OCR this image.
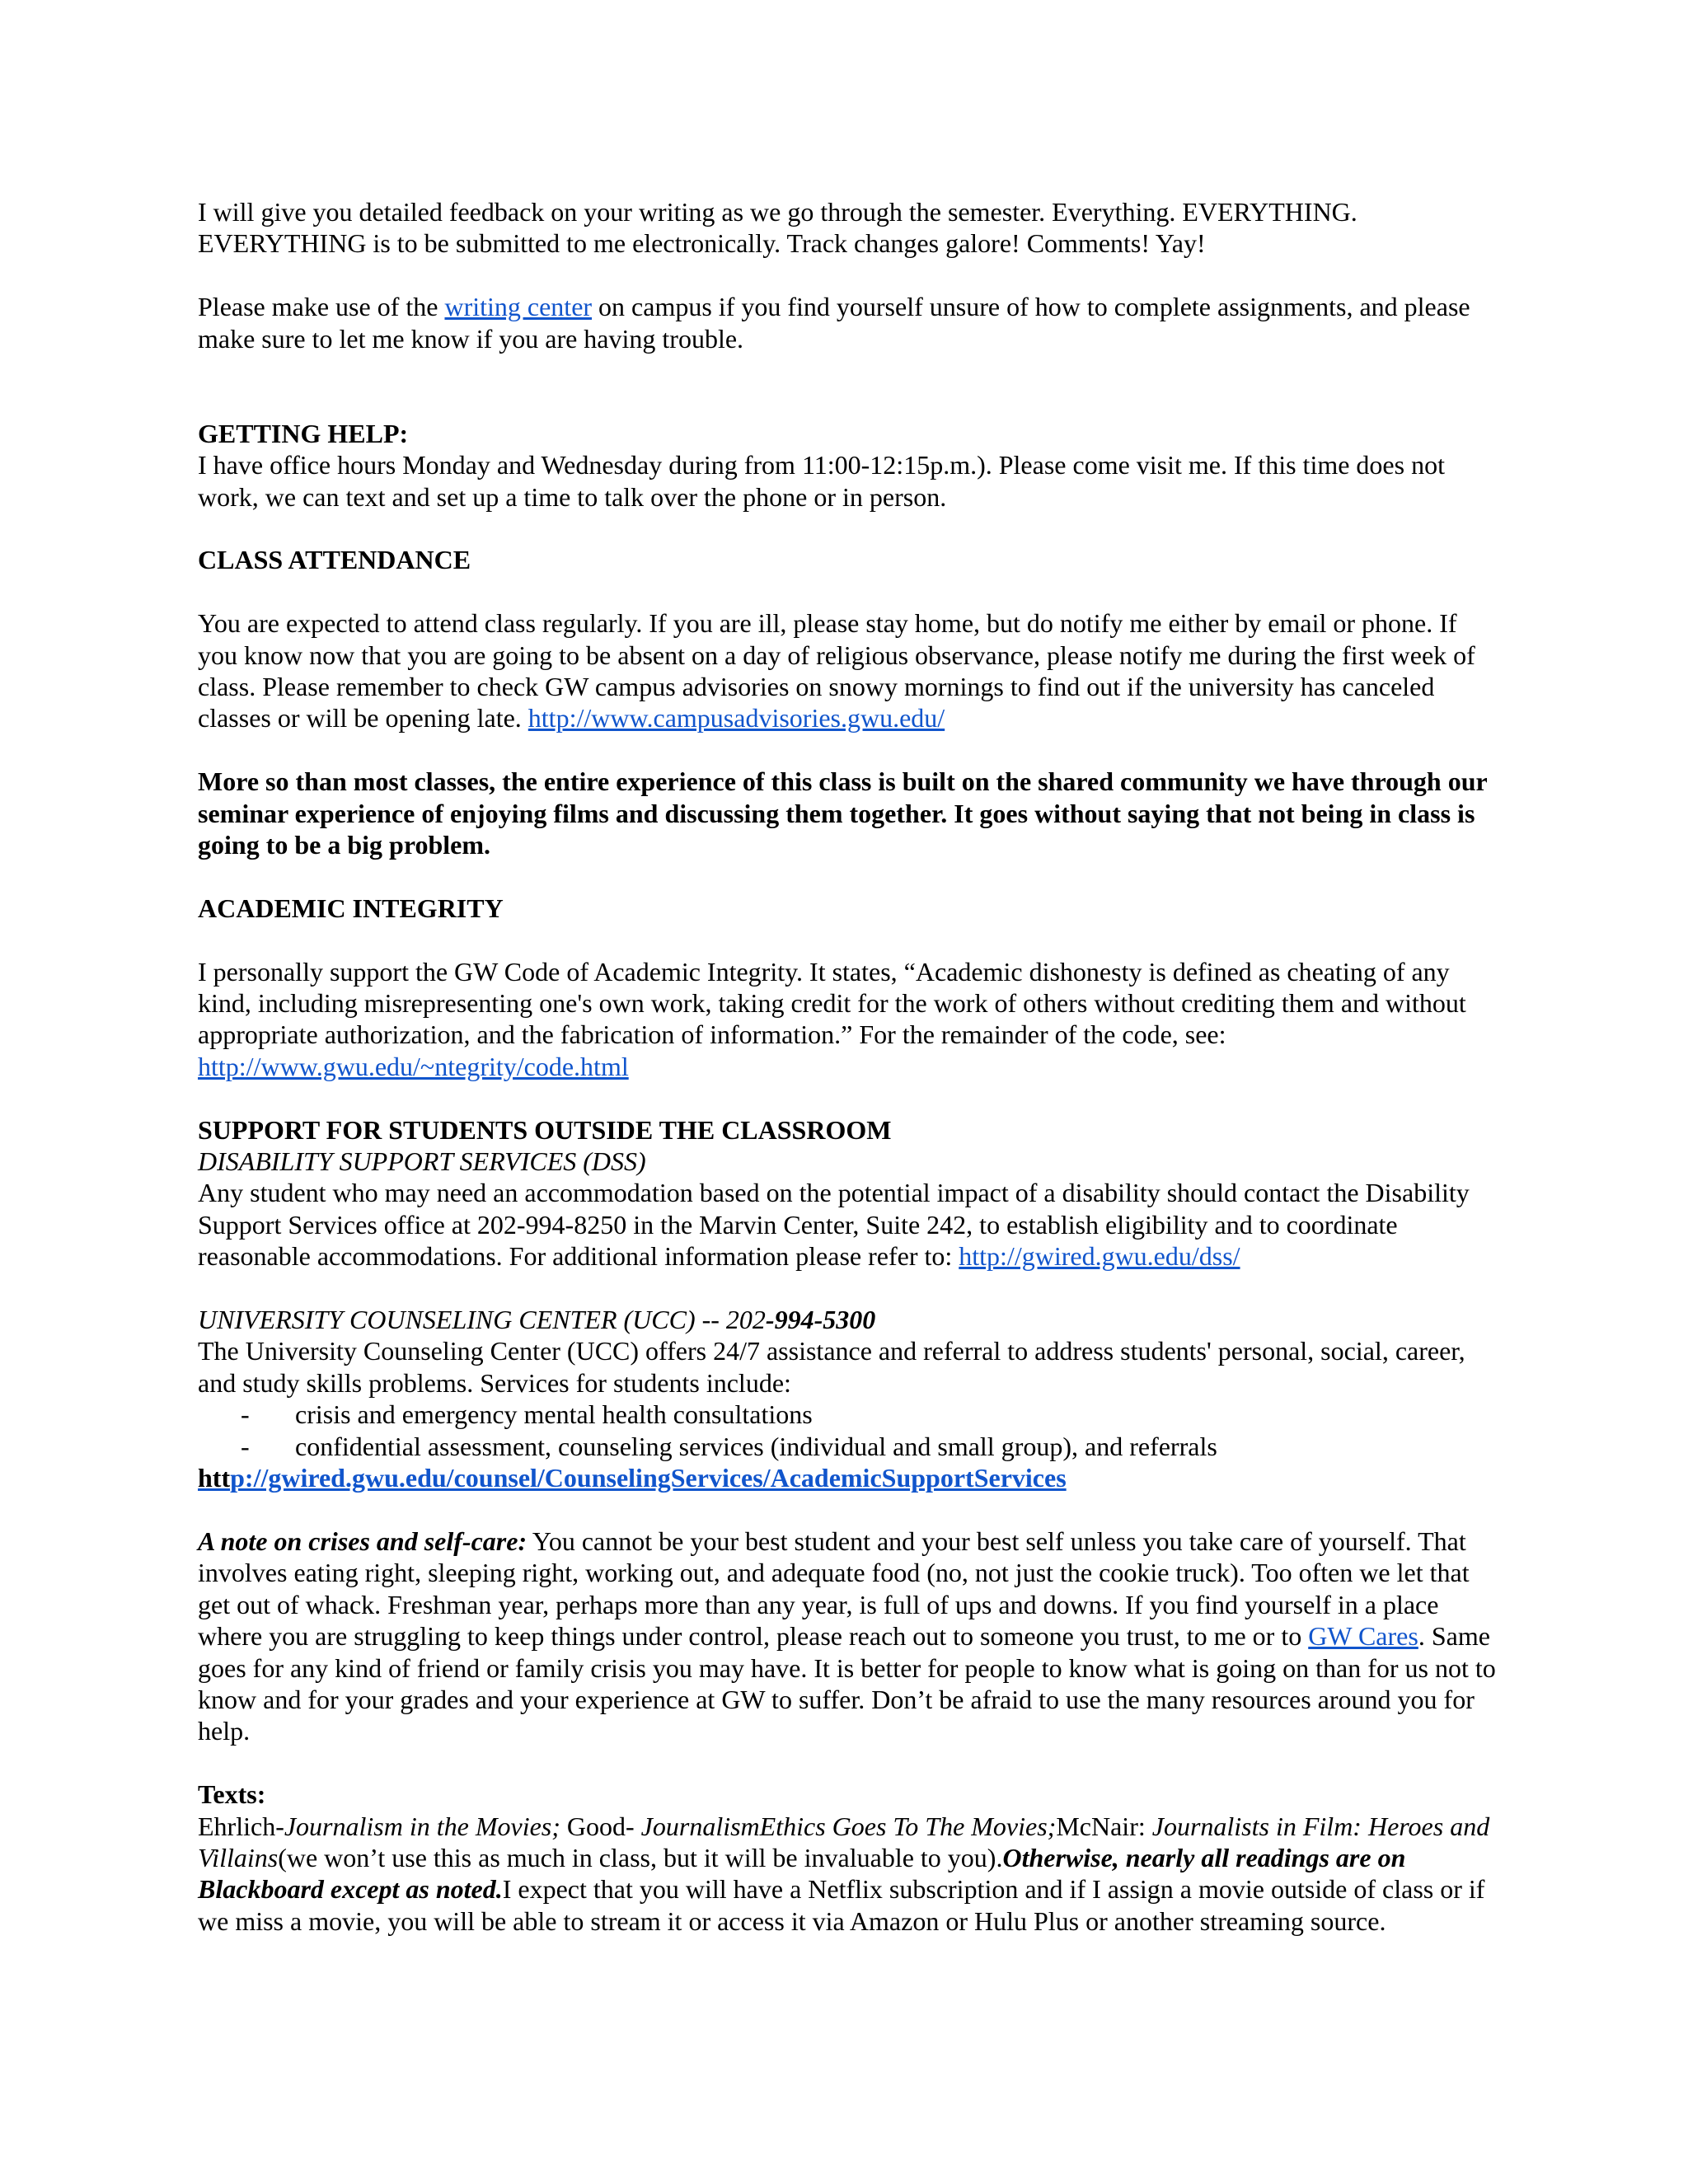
I will give you detailed feedback on your writing as we go through the semester. Everything. EVERYTHING. EVERYTHING is to be submitted to me electronically. Track changes galore! Comments! Yay!

Please make use of the writing center on campus if you find yourself unsure of how to complete assignments, and please make sure to let me know if you are having trouble.

GETTING HELP:

I have office hours Monday and Wednesday during from 11:00-12:15p.m.). Please come visit me. If this time does not work, we can text and set up a time to talk over the phone or in person.

CLASS ATTENDANCE

You are expected to attend class regularly. If you are ill, please stay home, but do notify me either by email or phone. If you know now that you are going to be absent on a day of religious observance, please notify me during the first week of class. Please remember to check GW campus advisories on snowy mornings to find out if the university has canceled classes or will be opening late. http://www.campusadvisories.gwu.edu/

More so than most classes, the entire experience of this class is built on the shared community we have through our seminar experience of enjoying films and discussing them together. It goes without saying that not being in class is going to be a big problem.

ACADEMIC INTEGRITY

I personally support the GW Code of Academic Integrity. It states, “Academic dishonesty is defined as cheating of any kind, including misrepresenting one's own work, taking credit for the work of others without crediting them and without appropriate authorization, and the fabrication of information.” For the remainder of the code, see: http://www.gwu.edu/~ntegrity/code.html

SUPPORT FOR STUDENTS OUTSIDE THE CLASSROOM

DISABILITY SUPPORT SERVICES (DSS)

Any student who may need an accommodation based on the potential impact of a disability should contact the Disability Support Services office at 202-994-8250 in the Marvin Center, Suite 242, to establish eligibility and to coordinate reasonable accommodations. For additional information please refer to: http://gwired.gwu.edu/dss/

UNIVERSITY COUNSELING CENTER (UCC) -- 202-994-5300

The University Counseling Center (UCC) offers 24/7 assistance and referral to address students' personal, social, career, and study skills problems. Services for students include:

- crisis and emergency mental health consultations
- confidential assessment, counseling services (individual and small group), and referrals

http://gwired.gwu.edu/counsel/CounselingServices/AcademicSupportServices

A note on crises and self-care: You cannot be your best student and your best self unless you take care of yourself. That involves eating right, sleeping right, working out, and adequate food (no, not just the cookie truck). Too often we let that get out of whack. Freshman year, perhaps more than any year, is full of ups and downs. If you find yourself in a place where you are struggling to keep things under control, please reach out to someone you trust, to me or to GW Cares. Same goes for any kind of friend or family crisis you may have. It is better for people to know what is going on than for us not to know and for your grades and your experience at GW to suffer. Don’t be afraid to use the many resources around you for help.

Texts:

Ehrlich-Journalism in the Movies; Good- JournalismEthics Goes To The Movies;McNair: Journalists in Film: Heroes and Villains(we won’t use this as much in class, but it will be invaluable to you).Otherwise, nearly all readings are on Blackboard except as noted.I expect that you will have a Netflix subscription and if I assign a movie outside of class or if we miss a movie, you will be able to stream it or access it via Amazon or Hulu Plus or another streaming source.
